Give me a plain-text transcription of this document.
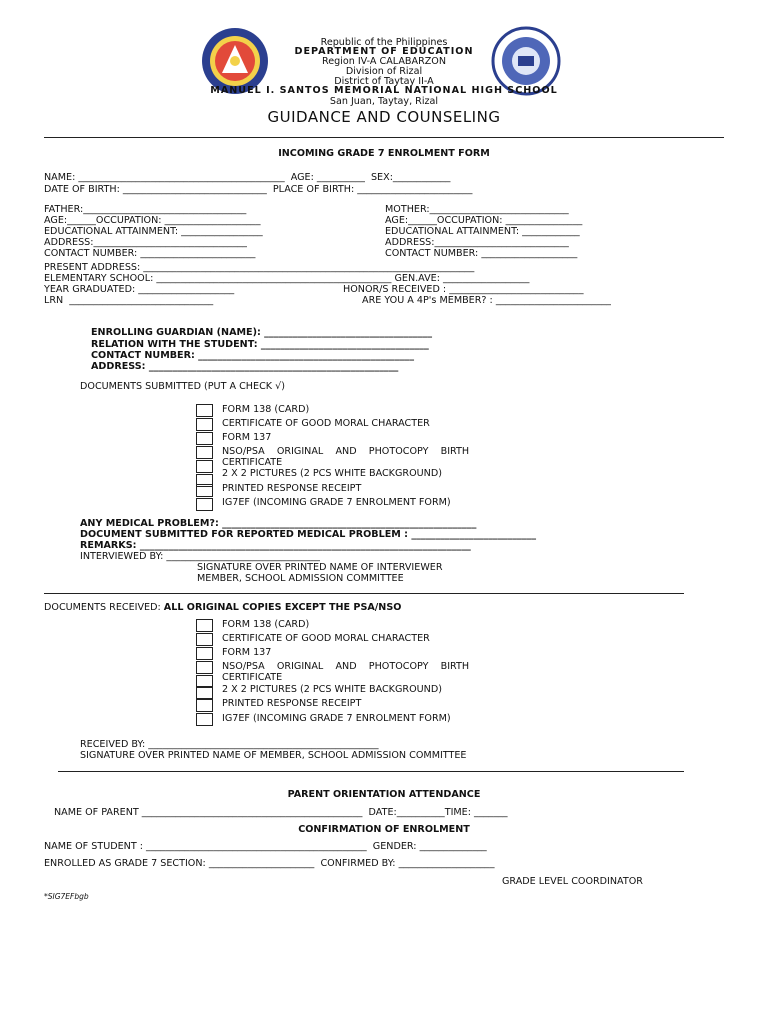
Republic of the Philippines
DEPARTMENT OF EDUCATION
Region IV-A CALABARZON
Division of Rizal
District of Taytay II-A
MANUEL I. SANTOS MEMORIAL NATIONAL HIGH SCHOOL
San Juan, Taytay, Rizal
GUIDANCE AND COUNSELING
INCOMING GRADE 7 ENROLMENT FORM
NAME: ___________________________________________  AGE: __________  SEX:____________
DATE OF BIRTH: ______________________________  PLACE OF BIRTH: ________________________
FATHER:__________________________________
AGE:______OCCUPATION: ____________________
EDUCATIONAL ATTAINMENT: _________________
ADDRESS:________________________________
CONTACT NUMBER: ________________________
MOTHER:_____________________________
AGE:______OCCUPATION: ________________
EDUCATIONAL ATTAINMENT: ____________
ADDRESS:____________________________
CONTACT NUMBER: ____________________
PRESENT ADDRESS: _____________________________________________________________________
ELEMENTARY SCHOOL: _________________________________________________ GEN.AVE: __________________
YEAR GRADUATED: ____________________	HONOR/S RECEIVED : ____________________________
LRN  ______________________________	ARE YOU A 4P's MEMBER? : ________________________
ENROLLING GUARDIAN (NAME): ___________________________________
RELATION WITH THE STUDENT: ___________________________________
CONTACT NUMBER: _____________________________________________
ADDRESS: ____________________________________________________
DOCUMENTS SUBMITTED (PUT A CHECK √)
FORM 138 (CARD)
CERTIFICATE OF GOOD MORAL CHARACTER
FORM 137
NSO/PSA    ORIGINAL    AND    PHOTOCOPY    BIRTH
CERTIFICATE
2 X 2 PICTURES (2 PCS WHITE BACKGROUND)
PRINTED RESPONSE RECEIPT
IG7EF (INCOMING GRADE 7 ENROLMENT FORM)
ANY MEDICAL PROBLEM?: _____________________________________________________
DOCUMENT SUBMITTED FOR REPORTED MEDICAL PROBLEM : __________________________
REMARKS: _____________________________________________________________________
INTERVIEWED BY: ________________________________
SIGNATURE OVER PRINTED NAME OF INTERVIEWER
MEMBER, SCHOOL ADMISSION COMMITTEE
DOCUMENTS RECEIVED: ALL ORIGINAL COPIES EXCEPT THE PSA/NSO
FORM 138 (CARD)
CERTIFICATE OF GOOD MORAL CHARACTER
FORM 137
NSO/PSA    ORIGINAL    AND    PHOTOCOPY    BIRTH
CERTIFICATE
2 X 2 PICTURES (2 PCS WHITE BACKGROUND)
PRINTED RESPONSE RECEIPT
IG7EF (INCOMING GRADE 7 ENROLMENT FORM)
RECEIVED BY: ________________________________________________
SIGNATURE OVER PRINTED NAME OF MEMBER, SCHOOL ADMISSION COMMITTEE
PARENT ORIENTATION ATTENDANCE
NAME OF PARENT ______________________________________________  DATE:__________TIME: _______
CONFIRMATION OF ENROLMENT
NAME OF STUDENT : ______________________________________________  GENDER: ______________
ENROLLED AS GRADE 7 SECTION: ______________________  CONFIRMED BY: ____________________
GRADE LEVEL COORDINATOR
*SIG7EFbgb
